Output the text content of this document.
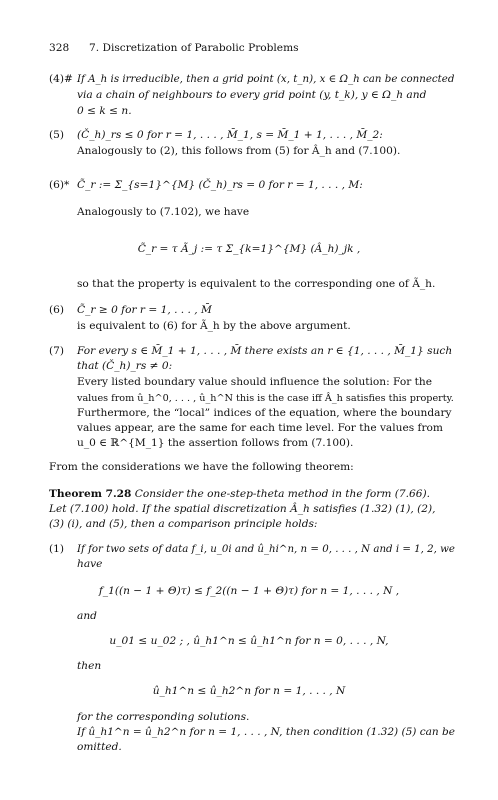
328 7. Discretization of Parabolic Problems
(4)# If A_h is irreducible, then a grid point (x, t_n), x ∈ Ω_h can be connected
via a chain of neighbours to every grid point (y, t_k), y ∈ Ω_h and
0 ≤ k ≤ n.
(5) (Č_h)_rs ≤ 0 for r = 1, . . . , M̄_1, s = M̄_1 + 1, . . . , M̄_2:
Analogously to (2), this follows from (5) for Â_h and (7.100).
(6)* C̃_r := Σ_{s=1}^{M} (Č_h)_rs = 0 for r = 1, . . . , M:
Analogously to (7.102), we have
C̃_r = τ Ã_j := τ Σ_{k=1}^{M} (Â_h)_jk ,
so that the property is equivalent to the corresponding one of Ã_h.
(6) C̃_r ≥ 0 for r = 1, . . . , M̄
is equivalent to (6) for Ã_h by the above argument.
(7) For every s ∈ M̄_1 + 1, . . . , M̄ there exists an r ∈ {1, . . . , M̄_1} such
that (Č_h)_rs ≠ 0:
Every listed boundary value should influence the solution: For the
values from û_h^0, . . . , û_h^N this is the case iff Â_h satisfies this property.
Furthermore, the “local” indices of the equation, where the boundary
values appear, are the same for each time level. For the values from
u_0 ∈ ℝ^{M_1} the assertion follows from (7.100).
From the considerations we have the following theorem:
Theorem 7.28 Consider the one-step-theta method in the form (7.66).
Let (7.100) hold. If the spatial discretization Â_h satisfies (1.32) (1), (2),
(3) (i), and (5), then a comparison principle holds:
(1) If for two sets of data f_i, u_0i and û_hi^n, n = 0, . . . , N and i = 1, 2, we
have
f_1((n − 1 + Θ)τ) ≤ f_2((n − 1 + Θ)τ) for n = 1, . . . , N ,
and
u_01 ≤ u_02 ; , û_h1^n ≤ û_h1^n for n = 0, . . . , N,
then
û_h1^n ≤ û_h2^n for n = 1, . . . , N
for the corresponding solutions.
If û_h1^n = û_h2^n for n = 1, . . . , N, then condition (1.32) (5) can be
omitted.
